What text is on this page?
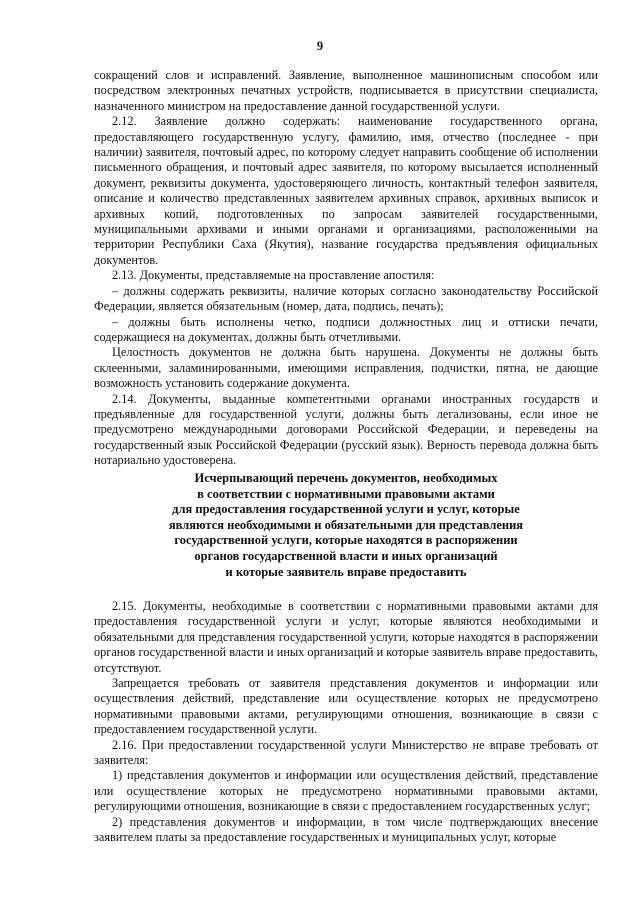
9

сокращений слов и исправлений. Заявление, выполненное машинописным способом или посредством электронных печатных устройств, подписывается в присутствии специалиста, назначенного министром на предоставление данной государственной услуги.

2.12. Заявление должно содержать: наименование государственного органа, предоставляющего государственную услугу, фамилию, имя, отчество (последнее - при наличии) заявителя, почтовый адрес, по которому следует направить сообщение об исполнении письменного обращения, и почтовый адрес заявителя, по которому высылается исполненный документ, реквизиты документа, удостоверяющего личность, контактный телефон заявителя, описание и количество представленных заявителем архивных справок, архивных выписок и архивных копий, подготовленных по запросам заявителей государственными, муниципальными архивами и иными органами и организациями, расположенными на территории Республики Саха (Якутия), название государства предъявления официальных документов.

2.13. Документы, представляемые на проставление апостиля:

– должны содержать реквизиты, наличие которых согласно законодательству Российской Федерации, является обязательным (номер, дата, подпись, печать);

– должны быть исполнены четко, подписи должностных лиц и оттиски печати, содержащиеся на документах, должны быть отчетливыми.

Целостность документов не должна быть нарушена. Документы не должны быть склеенными, заламинированными, имеющими исправления, подчистки, пятна, не дающие возможность установить содержание документа.

2.14. Документы, выданные компетентными органами иностранных государств и предъявленные для государственной услуги, должны быть легализованы, если иное не предусмотрено международными договорами Российской Федерации, и переведены на государственный язык Российской Федерации (русский язык). Верность перевода должна быть нотариально удостоверена.

Исчерпывающий перечень документов, необходимых
в соответствии с нормативными правовыми актами
для предоставления государственной услуги и услуг, которые
являются необходимыми и обязательными для представления
государственной услуги, которые находятся в распоряжении
органов государственной власти и иных организаций
и которые заявитель вправе предоставить

2.15. Документы, необходимые в соответствии с нормативными правовыми актами для предоставления государственной услуги и услуг, которые являются необходимыми и обязательными для представления государственной услуги, которые находятся в распоряжении органов государственной власти и иных организаций и которые заявитель вправе предоставить, отсутствуют.

Запрещается требовать от заявителя представления документов и информации или осуществления действий, представление или осуществление которых не предусмотрено нормативными правовыми актами, регулирующими отношения, возникающие в связи с предоставлением государственной услуги.

2.16. При предоставлении государственной услуги Министерство не вправе требовать от заявителя:

1) представления документов и информации или осуществления действий, представление или осуществление которых не предусмотрено нормативными правовыми актами, регулирующими отношения, возникающие в связи с предоставлением государственных услуг;

2) представления документов и информации, в том числе подтверждающих внесение заявителем платы за предоставление государственных и муниципальных услуг, которые
